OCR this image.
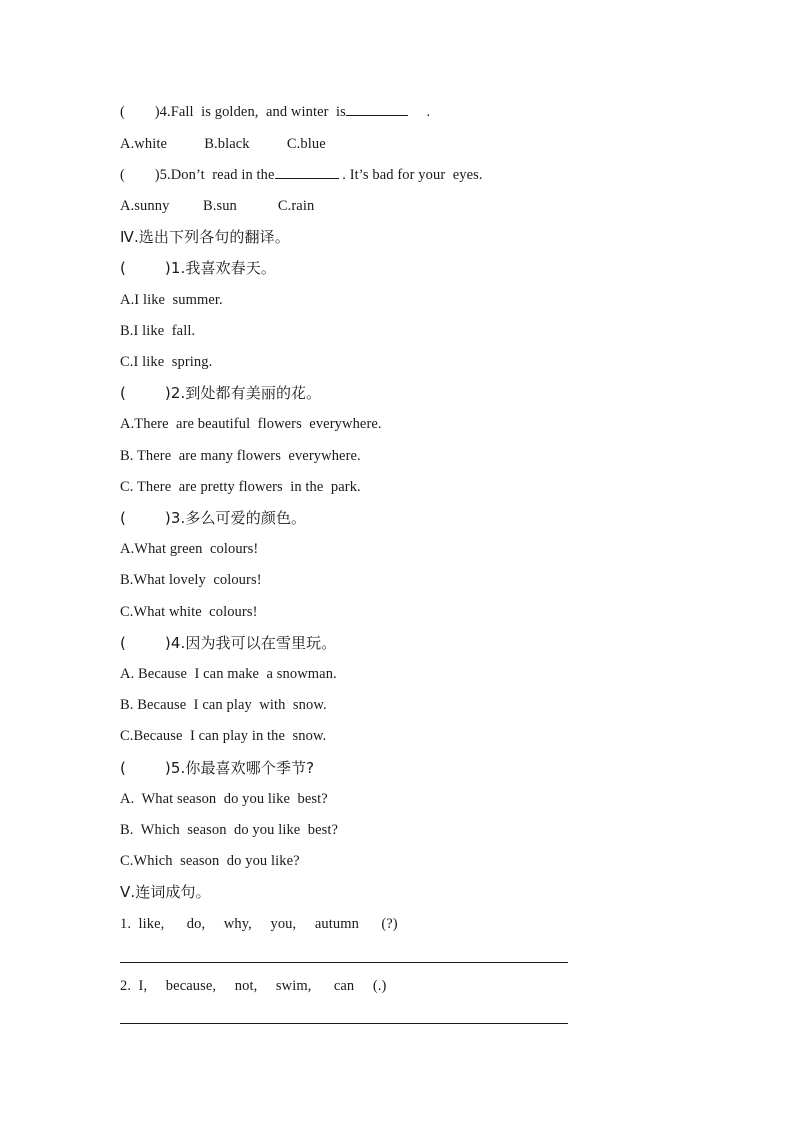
(        )4.Fall  is golden,  and winter  is	.
A.white          B.black          C.blue
(        )5.Don’t  read in the	. It’s bad for your  eyes.
A.sunny         B.sun           C.rain
Ⅳ.选出下列各句的翻译。
(        )1.我喜欢春天。
A.I like  summer.
B.I like  fall.
C.I like  spring.
(        )2.到处都有美丽的花。
A.There  are beautiful  flowers  everywhere.
B. There  are many flowers  everywhere.
C. There  are pretty flowers  in the  park.
(        )3.多么可爱的颜色。
A.What green  colours!
B.What lovely  colours!
C.What white  colours!
(        )4.因为我可以在雪里玩。
A. Because  I can make  a snowman.
B. Because  I can play  with  snow.
C.Because  I can play in the  snow.
(        )5.你最喜欢哪个季节?
A.  What season  do you like  best?
B.  Which  season  do you like  best?
C.Which  season  do you like?
Ⅴ.连词成句。
1.  like,      do,     why,     you,     autumn      (?)
2.  I,     because,     not,     swim,      can     (.)
